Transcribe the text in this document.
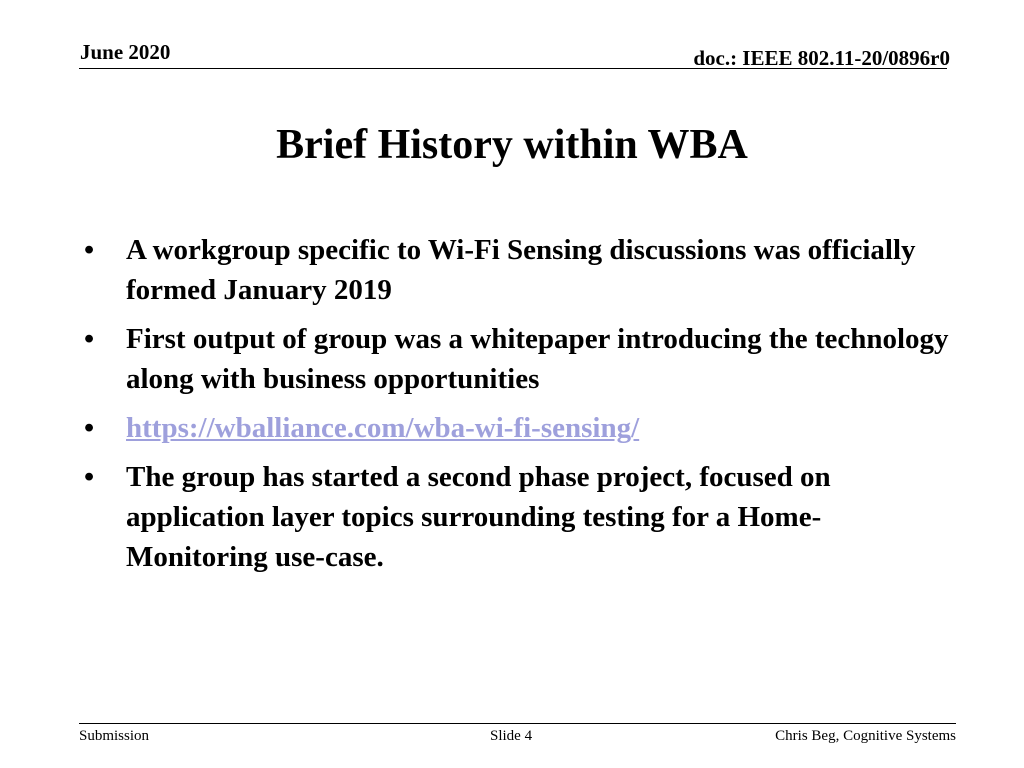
June 2020	doc.: IEEE 802.11-20/0896r0
Brief History within WBA
• A workgroup specific to Wi-Fi Sensing discussions was officially formed January 2019
• First output of group was a whitepaper introducing the technology along with business opportunities
• https://wballiance.com/wba-wi-fi-sensing/
• The group has started a second phase project, focused on application layer topics surrounding testing for a Home-Monitoring use-case.
Submission	Slide 4	Chris Beg, Cognitive Systems
